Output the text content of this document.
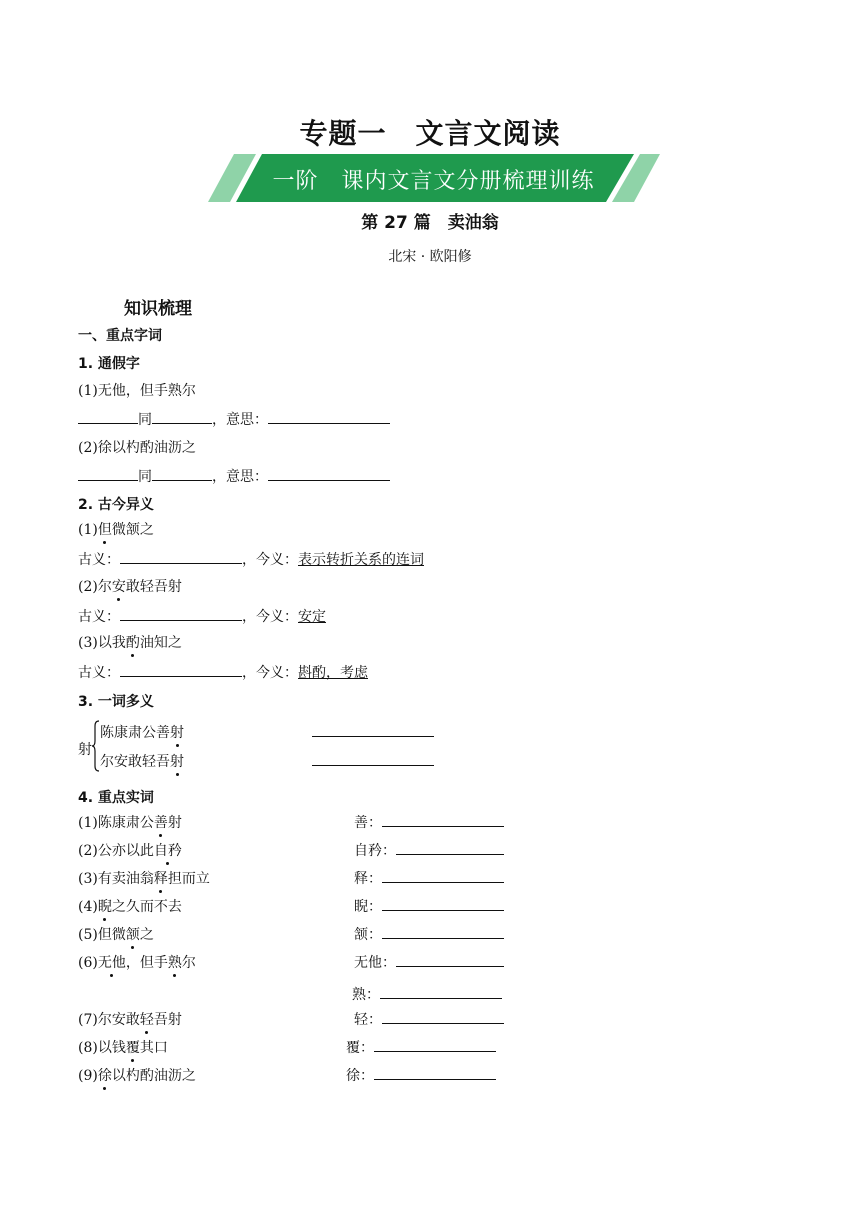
专题一　文言文阅读
一阶　课内文言文分册梳理训练
第 27 篇　卖油翁
北宋 · 欧阳修
知识梳理
一、重点字词
1. 通假字
(1)无他，但手熟尔
同	，意思：
(2)徐以杓酌油沥之
同	，意思：
2. 古今异义
(1)但微颔之
古义：	，今义：表示转折关系的连词
(2)尔安敢轻吾射
古义：	，今义：安定
(3)以我酌油知之
古义：	，今义：斟酌，考虑
3. 一词多义
射
陈康肃公善射
尔安敢轻吾射
4. 重点实词
(1)陈康肃公善射	善：
(2)公亦以此自矜	自矜：
(3)有卖油翁释担而立	释：
(4)睨之久而不去	睨：
(5)但微颔之	颔：
(6)无他，但手熟尔	无他：
熟：
(7)尔安敢轻吾射	轻：
(8)以钱覆其口	覆：
(9)徐以杓酌油沥之	徐：
